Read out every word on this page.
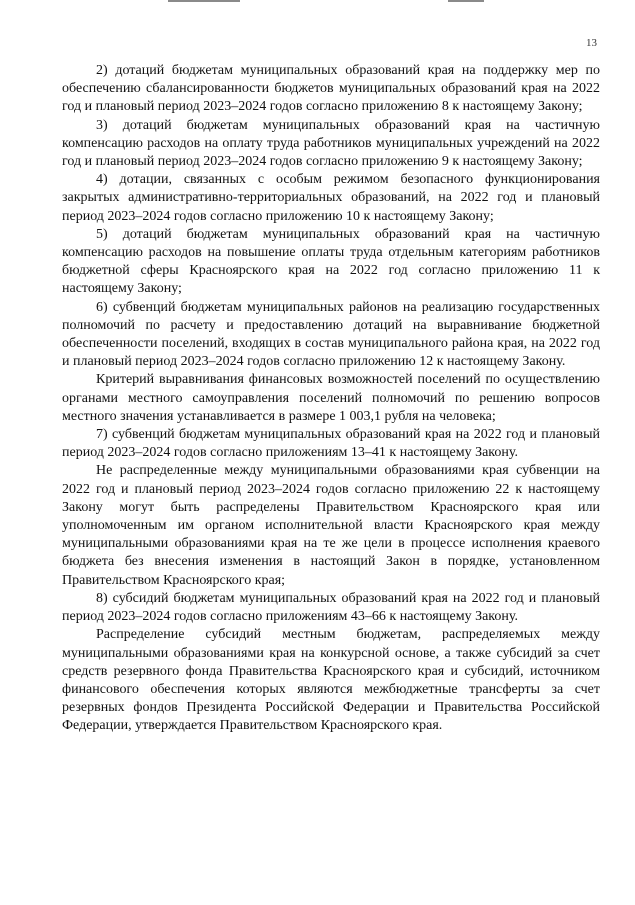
13

2) дотаций бюджетам муниципальных образований края на поддержку мер по обеспечению сбалансированности бюджетов муниципальных образований края на 2022 год и плановый период 2023–2024 годов согласно приложению 8 к настоящему Закону;

3) дотаций бюджетам муниципальных образований края на частичную компенсацию расходов на оплату труда работников муниципальных учреждений на 2022 год и плановый период 2023–2024 годов согласно приложению 9 к настоящему Закону;

4) дотации, связанных с особым режимом безопасного функционирования закрытых административно-территориальных образований, на 2022 год и плановый период 2023–2024 годов согласно приложению 10 к настоящему Закону;

5) дотаций бюджетам муниципальных образований края на частичную компенсацию расходов на повышение оплаты труда отдельным категориям работников бюджетной сферы Красноярского края на 2022 год согласно приложению 11 к настоящему Закону;

6) субвенций бюджетам муниципальных районов на реализацию государственных полномочий по расчету и предоставлению дотаций на выравнивание бюджетной обеспеченности поселений, входящих в состав муниципального района края, на 2022 год и плановый период 2023–2024 годов согласно приложению 12 к настоящему Закону.

Критерий выравнивания финансовых возможностей поселений по осуществлению органами местного самоуправления поселений полномочий по решению вопросов местного значения устанавливается в размере 1 003,1 рубля на человека;

7) субвенций бюджетам муниципальных образований края на 2022 год и плановый период 2023–2024 годов согласно приложениям 13–41 к настоящему Закону.

Не распределенные между муниципальными образованиями края субвенции на 2022 год и плановый период 2023–2024 годов согласно приложению 22 к настоящему Закону могут быть распределены Правительством Красноярского края или уполномоченным им органом исполнительной власти Красноярского края между муниципальными образованиями края на те же цели в процессе исполнения краевого бюджета без внесения изменения в настоящий Закон в порядке, установленном Правительством Красноярского края;

8) субсидий бюджетам муниципальных образований края на 2022 год и плановый период 2023–2024 годов согласно приложениям 43–66 к настоящему Закону.

Распределение субсидий местным бюджетам, распределяемых между муниципальными образованиями края на конкурсной основе, а также субсидий за счет средств резервного фонда Правительства Красноярского края и субсидий, источником финансового обеспечения которых являются межбюджетные трансферты за счет резервных фондов Президента Российской Федерации и Правительства Российской Федерации, утверждается Правительством Красноярского края.
